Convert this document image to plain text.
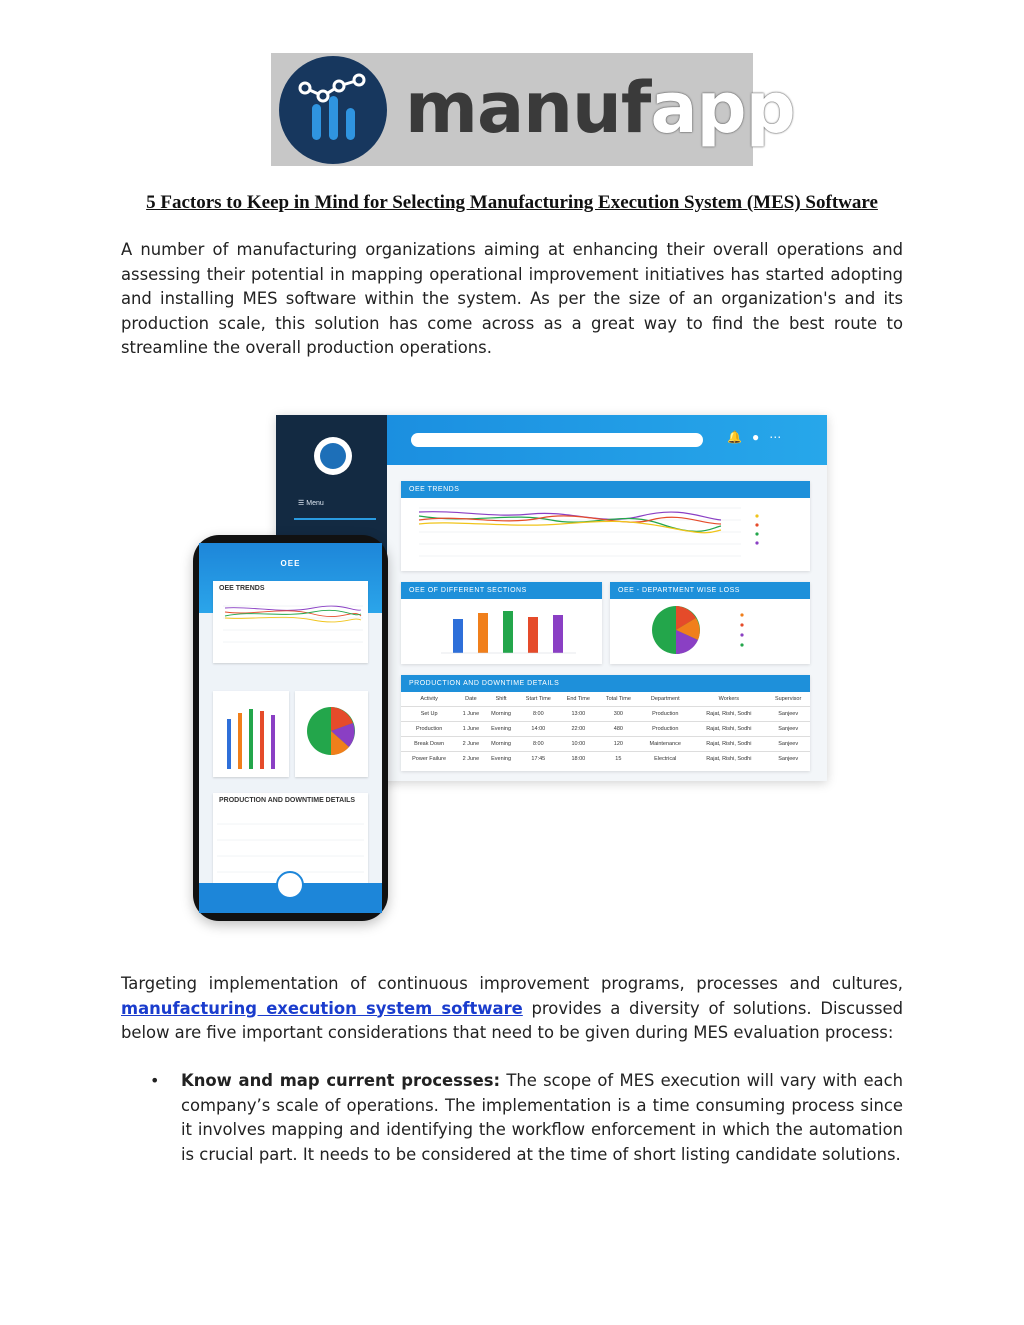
manufapp
5 Factors to Keep in Mind for Selecting Manufacturing Execution System (MES) Software

A number of manufacturing organizations aiming at enhancing their overall operations and assessing their potential in mapping operational improvement initiatives has started adopting and installing MES software within the system. As per the size of an organization's and its production scale, this solution has come across as a great way to find the best route to streamline the overall production operations.

☰ Menu
🔔●⋯
OEE TRENDS
OEE OF DIFFERENT SECTIONS	OEE - DEPARTMENT WISE LOSS
PRODUCTION AND DOWNTIME DETAILS
Activity	Date	Shift	Start Time	End Time	Total Time	Department	Workers	Supervisor
Set Up	1 June	Morning	8:00	13:00	300	Production	Rajat, Rishi, Sodhi	Sanjeev
Production	1 June	Evening	14:00	22:00	480	Production	Rajat, Rishi, Sodhi	Sanjeev
Break Down	2 June	Morning	8:00	10:00	120	Maintenance	Rajat, Rishi, Sodhi	Sanjeev
Power Failure	2 June	Evening	17:45	18:00	15	Electrical	Rajat, Rishi, Sodhi	Sanjeev
OEE
OEE TRENDS
PRODUCTION AND DOWNTIME DETAILS

Targeting implementation of continuous improvement programs, processes and cultures, manufacturing execution system software provides a diversity of solutions. Discussed below are five important considerations that need to be given during MES evaluation process:

• Know and map current processes: The scope of MES execution will vary with each company’s scale of operations. The implementation is a time consuming process since it involves mapping and identifying the workflow enforcement in which the automation is crucial part. It needs to be considered at the time of short listing candidate solutions.
